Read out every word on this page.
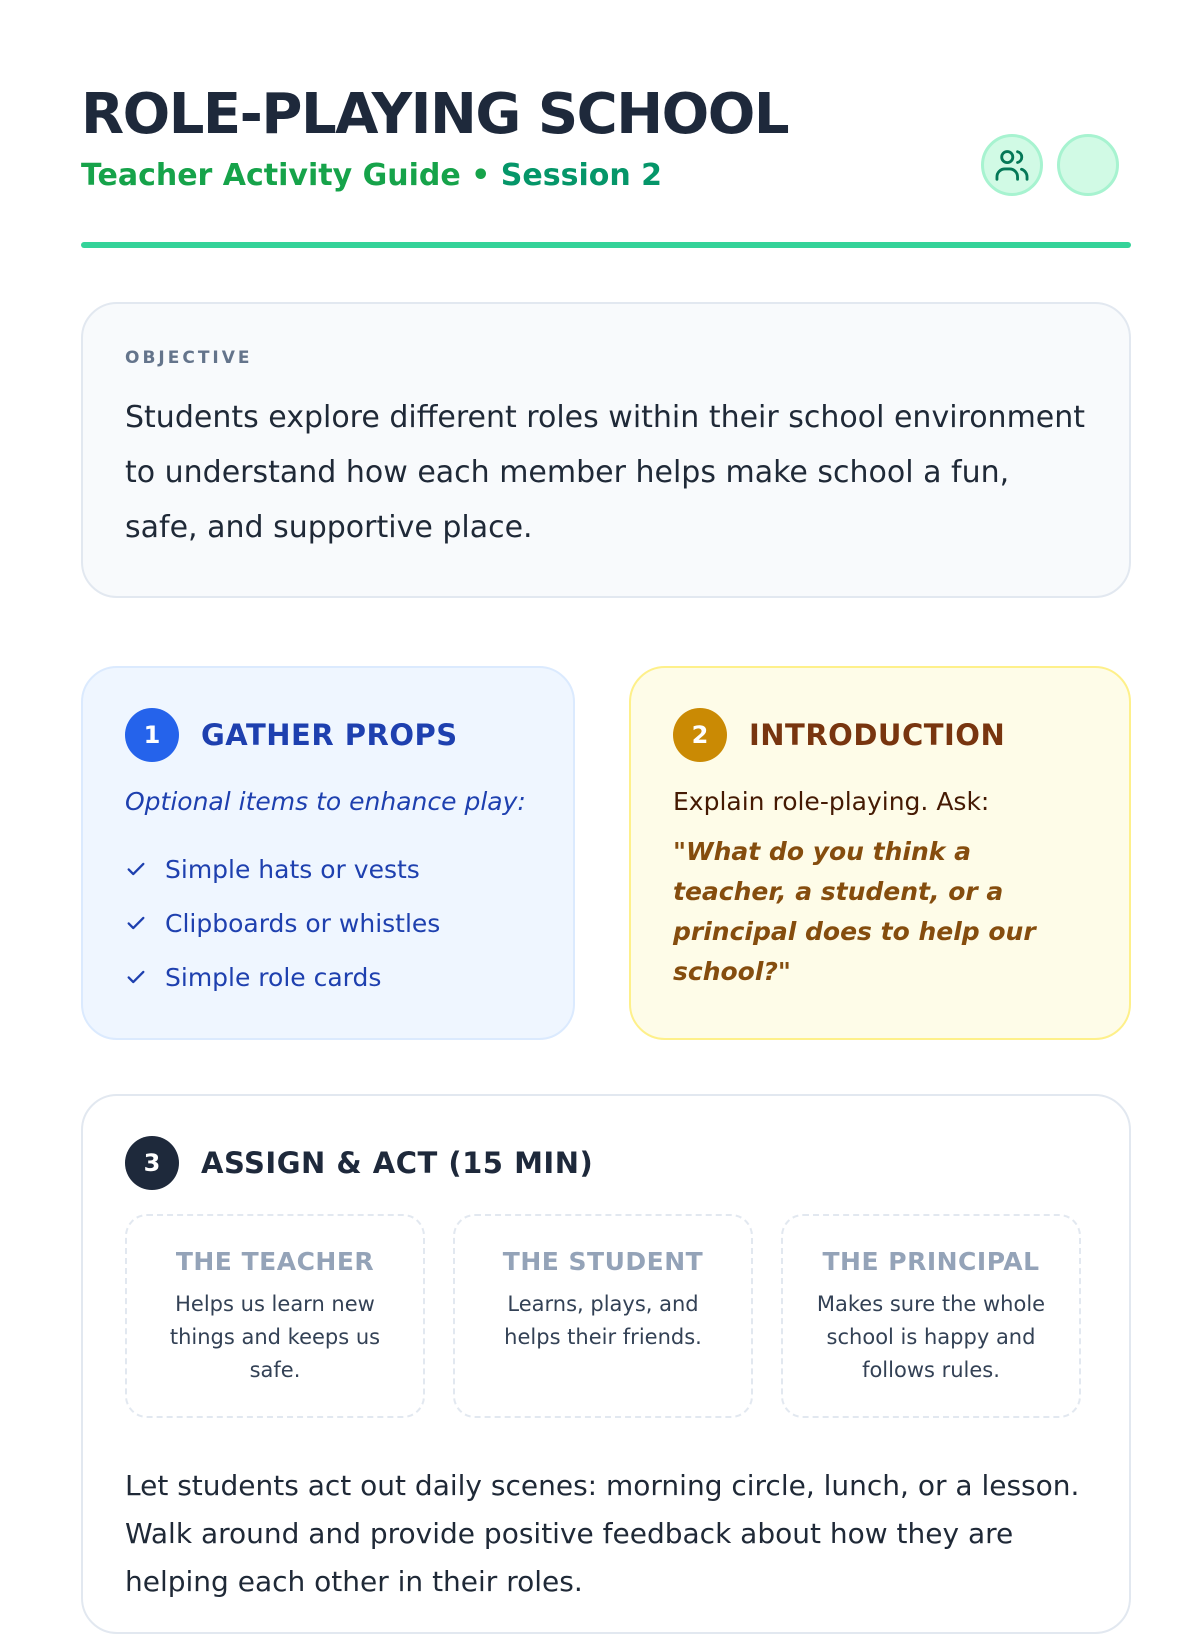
ROLE-PLAYING SCHOOL
Teacher Activity Guide • Session 2
OBJECTIVE
Students explore different roles within their school environment to understand how each member helps make school a fun, safe, and supportive place.
1	GATHER PROPS
Optional items to enhance play:
Simple hats or vests
Clipboards or whistles
Simple role cards
2	INTRODUCTION
Explain role-playing. Ask:
"What do you think a teacher, a student, or a principal does to help our school?"
3	ASSIGN & ACT (15 MIN)
THE TEACHER
Helps us learn new things and keeps us safe.
THE STUDENT
Learns, plays, and helps their friends.
THE PRINCIPAL
Makes sure the whole school is happy and follows rules.
Let students act out daily scenes: morning circle, lunch, or a lesson. Walk around and provide positive feedback about how they are helping each other in their roles.
